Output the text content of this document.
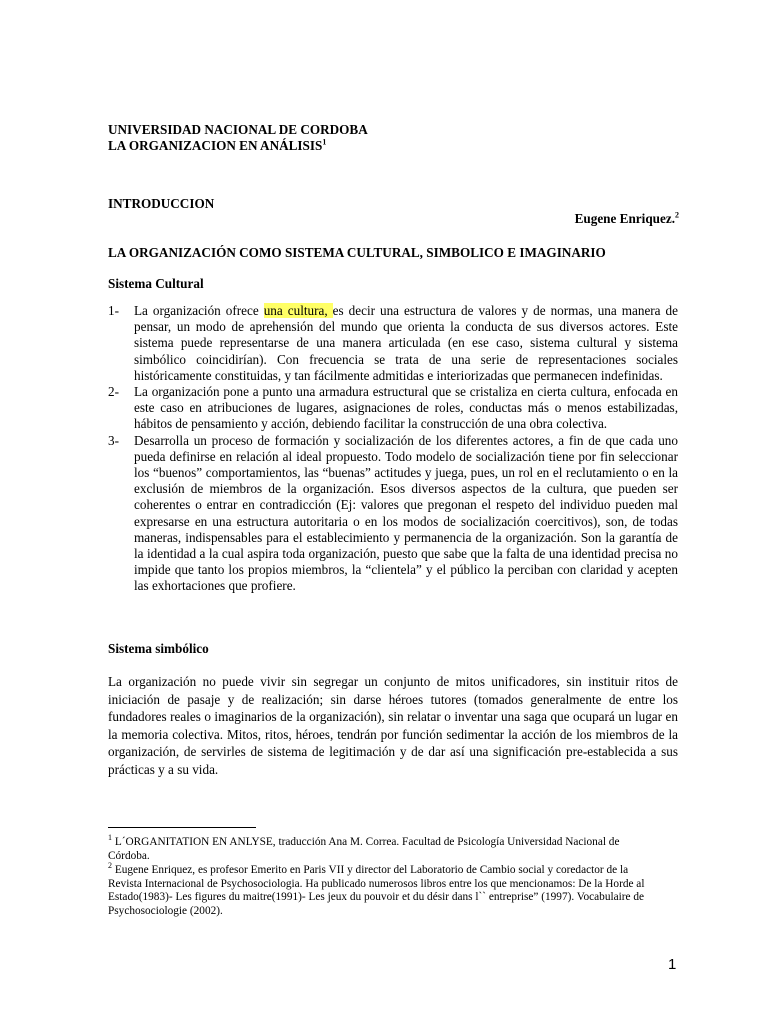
UNIVERSIDAD NACIONAL DE CORDOBA
LA ORGANIZACION EN ANÁLISIS$^1$
INTRODUCCION
Eugene Enriquez.$^2$
LA ORGANIZACIÓN COMO SISTEMA CULTURAL, SIMBOLICO E IMAGINARIO
Sistema Cultural
1- La organización ofrece una cultura, es decir una estructura de valores y de normas, una manera de pensar, un modo de aprehensión del mundo que orienta la conducta de sus diversos actores. Este sistema puede representarse de una manera articulada (en ese caso, sistema cultural y sistema simbólico coincidirían). Con frecuencia se trata de una serie de representaciones sociales históricamente constituidas, y tan fácilmente admitidas e interiorizadas que permanecen indefinidas.
2- La organización pone a punto una armadura estructural que se cristaliza en cierta cultura, enfocada en este caso en atribuciones de lugares, asignaciones de roles, conductas más o menos estabilizadas, hábitos de pensamiento y acción, debiendo facilitar la construcción de una obra colectiva.
3- Desarrolla un proceso de formación y socialización de los diferentes actores, a fin de que cada uno pueda definirse en relación al ideal propuesto. Todo modelo de socialización tiene por fin seleccionar los “buenos” comportamientos, las “buenas” actitudes y juega, pues, un rol en el reclutamiento o en la exclusión de miembros de la organización. Esos diversos aspectos de la cultura, que pueden ser coherentes o entrar en contradicción (Ej: valores que pregonan el respeto del individuo pueden mal expresarse en una estructura autoritaria o en los modos de socialización coercitivos), son, de todas maneras, indispensables para el establecimiento y permanencia de la organización. Son la garantía de la identidad a la cual aspira toda organización, puesto que sabe que la falta de una identidad precisa no impide que tanto los propios miembros, la “clientela” y el público la perciban con claridad y acepten las exhortaciones que profiere.
Sistema simbólico
La organización no puede vivir sin segregar un conjunto de mitos unificadores, sin instituir ritos de iniciación de pasaje y de realización; sin darse héroes tutores (tomados generalmente de entre los fundadores reales o imaginarios de la organización), sin relatar o inventar una saga que ocupará un lugar en la memoria colectiva. Mitos, ritos, héroes, tendrán por función sedimentar la acción de los miembros de la organización, de servirles de sistema de legitimación y de dar así una significación pre-establecida a sus prácticas y a su vida.
$^1$ L´ORGANITATION EN ANLYSE, traducción Ana M. Correa. Facultad de Psicología Universidad Nacional de Córdoba.
$^2$ Eugene Enriquez, es profesor Emerito en Paris VII y director del Laboratorio de Cambio social y coredactor de la Revista Internacional de Psychosociologia. Ha publicado numerosos libros entre los que mencionamos: De la Horde al Estado(1983)- Les figures du maitre(1991)- Les jeux du pouvoir et du désir dans l`` entreprise” (1997). Vocabulaire de Psychosociologie (2002).
1
